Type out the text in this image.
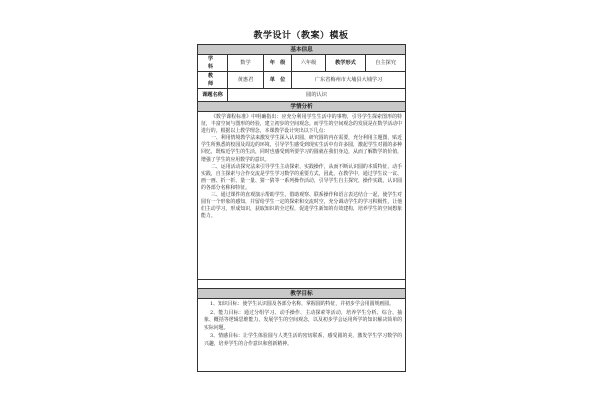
教学设计（教案）模板
基本信息					
学　科	数学	年　级	六年级	教学形式	自主探究
教　师	黄惠君	单　位	广东省梅州市大埔县大埔学习		
课题名称	圆的认识				
学情分析					

《数学课程标准》中明确指出：应充分利用学生生活中的事物，引导学生探索图形的特征，丰富空间与图形的经验，建立初步的空间观念。而学生的空间观念的发展是在数学活动中进行的，根据以上教学理念，本课教学设计突出以下几点：

一、利用情境教学法来激发学生深入认识圆，研究圆的内在需要，充分利用主题图，贴近学生所熟悉的校园及周边的环境，引导学生感受到现实生活中有许多圆，激起学生对圆的多种回忆，既贴近学生的生活，同时也感受到所要学习的圆就在我们身边，从而了解数学的价值，增强了学生的应用数学的意识。

二、运用活动探究法来引导学生主动探索，实践操作，从而不断认识圆的本质特征，动手实践，自主探索与合作交流是学生学习数学的重要方式，因此，在教学中，通过学生议一议、画一画、折一折、量一量、猜一猜等一系列操作活动，引导学生自主探究，操作实践，认识圆的各部分名称和特征。

三、通过课件的直观演示帮助学生，借助观察、联系操作和语言表达结合一起，使学生对圆有一个形象的感知，并留给学生一定的探索和交流时空，充分调动学生的学习积极性，让他们主动学习，形成知识，获取知识的全过程，促进学生新知的有效建构，培养学生的空间想象能力。					

教学目标					

1、知识目标：使学生认识圆及各部分名称，掌握圆的特征，并初步学会用圆规画圆。

2、能力目标：通过分组学习、动手操作、主动探索等活动，培养学生分析、综合、抽象、概括等逻辑思维能力，发展学生的空间观念，以及初步学会运用所学的知识解决简单的实际问题。

3、情感目标：让学生体验圆与人类生活的密切联系，感受圆的美，激发学生学习数学的兴趣，培养学生的合作意识和创新精神。					
